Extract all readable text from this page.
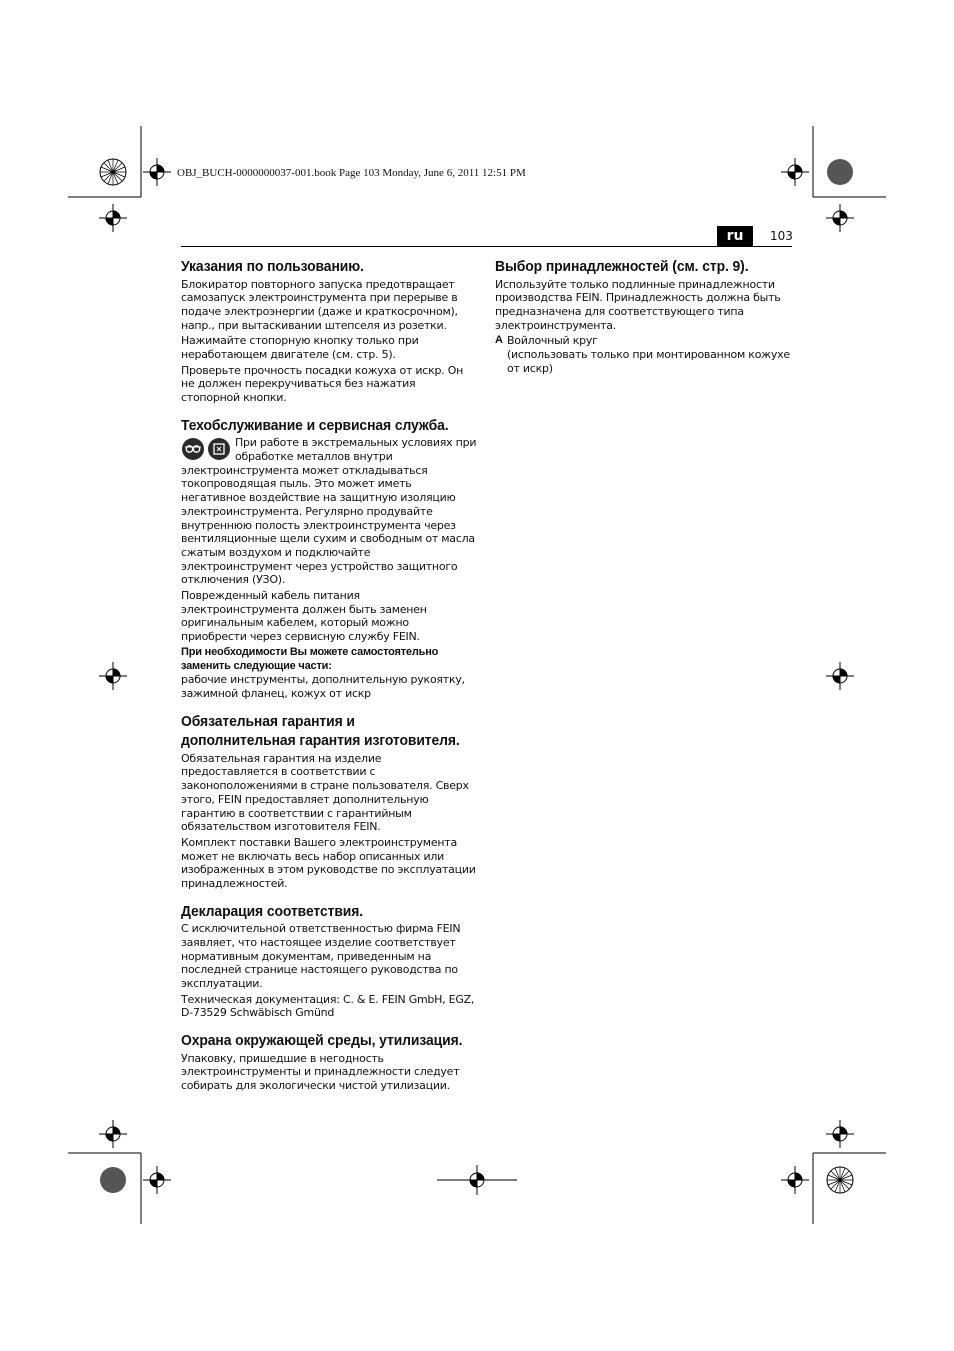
OBJ_BUCH-0000000037-001.book Page 103 Monday, June 6, 2011 12:51 PM
ru	103
Указания по пользованию.

Блокиратор повторного запуска предотвращает самозапуск электроинструмента при перерыве в подаче электроэнергии (даже и краткосрочном), напр., при вытаскивании штепселя из розетки.

Нажимайте стопорную кнопку только при неработающем двигателе (см. стр. 5).

Проверьте прочность посадки кожуха от искр. Он не должен перекручиваться без нажатия стопорной кнопки.

Техобслуживание и сервисная служба.

При работе в экстремальных условиях при обработке металлов внутри электроинструмента может откладываться токопроводящая пыль. Это может иметь негативное воздействие на защитную изоляцию электроинструмента. Регулярно продувайте внутреннюю полость электроинструмента через вентиляционные щели сухим и свободным от масла сжатым воздухом и подключайте электроинструмент через устройство защитного отключения (УЗО).

Поврежденный кабель питания электроинструмента должен быть заменен оригинальным кабелем, который можно приобрести через сервисную службу FEIN.

При необходимости Вы можете самостоятельно заменить следующие части:

рабочие инструменты, дополнительную рукоятку, зажимной фланец, кожух от искр

Обязательная гарантия и дополнительная гарантия изготовителя.

Обязательная гарантия на изделие предоставляется в соответствии с законоположениями в стране пользователя. Сверх этого, FEIN предоставляет дополнительную гарантию в соответствии с гарантийным обязательством изготовителя FEIN.

Комплект поставки Вашего электроинструмента может не включать весь набор описанных или изображенных в этом руководстве по эксплуатации принадлежностей.

Декларация соответствия.

С исключительной ответственностью фирма FEIN заявляет, что настоящее изделие соответствует нормативным документам, приведенным на последней странице настоящего руководства по эксплуатации.

Техническая документация: C. & E. FEIN GmbH, EGZ, D-73529 Schwäbisch Gmünd

Охрана окружающей среды, утилизация.

Упаковку, пришедшие в негодность электроинструменты и принадлежности следует собирать для экологически чистой утилизации.

Выбор принадлежностей (см. стр. 9).

Используйте только подлинные принадлежности производства FEIN. Принадлежность должна быть предназначена для соответствующего типа электроинструмента.

A Войлочный круг

(использовать только при монтированном кожухе от искр)
